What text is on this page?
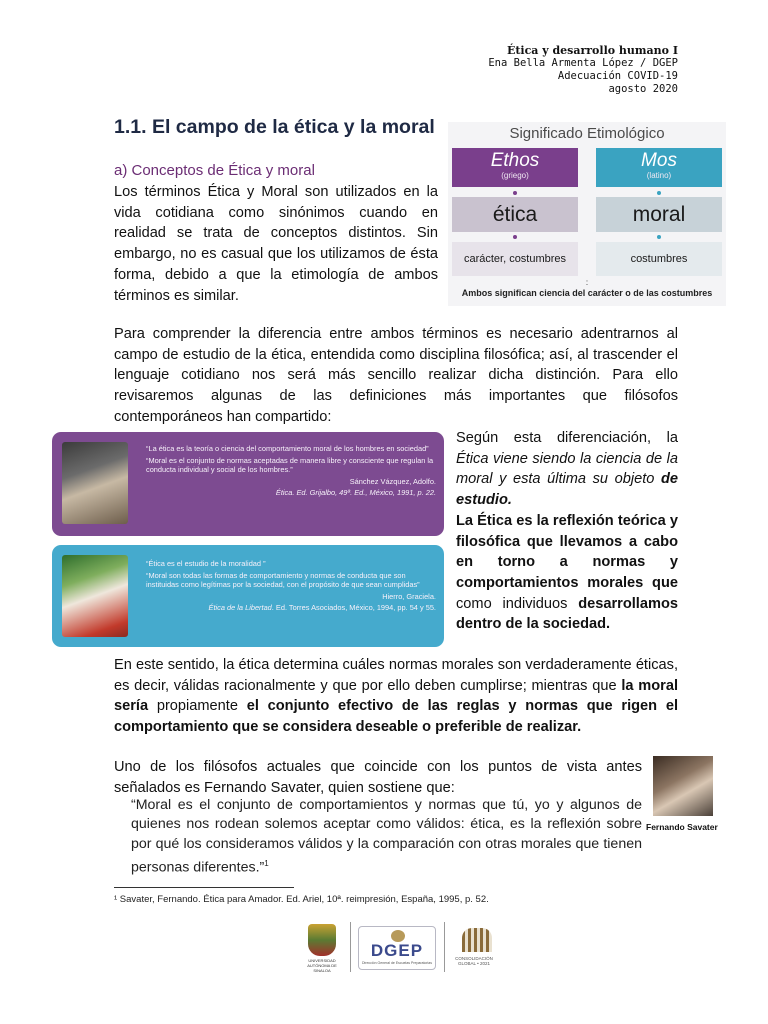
Ética y desarrollo humano I
Ena Bella Armenta López / DGEP
Adecuación COVID-19
agosto 2020
1.1. El campo de la ética y la moral
a) Conceptos de Ética y moral
Los términos Ética y Moral son utilizados en la vida cotidiana como sinónimos cuando en realidad se trata de conceptos distintos. Sin embargo, no es casual que los utilizamos de ésta forma, debido a que la etimología de ambos términos es similar.
Significado Etimológico
Ethos
(griego)
Mos
(latino)
ética	moral
carácter, costumbres	costumbres
:
Ambos significan ciencia del carácter o de las costumbres
Para comprender la diferencia entre ambos términos es necesario adentrarnos al campo de estudio de la ética, entendida como disciplina filosófica; así, al trascender el lenguaje cotidiano nos será más sencillo realizar dicha distinción. Para ello revisaremos algunas de las definiciones más importantes que filósofos contemporáneos han compartido:

“La ética es la teoría o ciencia del comportamiento moral de los hombres en sociedad”

“Moral es el conjunto de normas aceptadas de manera libre y consciente que regulan la conducta individual y social de los hombres.”

Sánchez Vázquez, Adolfo.

Ética. Ed. Grijalbo, 49ª. Ed., México, 1991, p. 22.

“Ética es el estudio de la moralidad ”

“Moral son todas las formas de comportamiento y normas de conducta que son instituidas como legítimas por la sociedad, con el propósito de que sean cumplidas”

Hierro, Graciela.

Ética de la Libertad. Ed. Torres Asociados, México, 1994, pp. 54 y 55.

Según esta diferenciación, la Ética viene siendo la ciencia de la moral y esta última su objeto de estudio.
La Ética es la reflexión teórica y filosófica que llevamos a cabo en torno a normas y comportamientos morales que como individuos desarrollamos dentro de la sociedad.
En este sentido, la ética determina cuáles normas morales son verdaderamente éticas, es decir, válidas racionalmente y que por ello deben cumplirse; mientras que la moral sería propiamente el conjunto efectivo de las reglas y normas que rigen el comportamiento que se considera deseable o preferible de realizar.
Uno de los filósofos actuales que coincide con los puntos de vista antes señalados es Fernando Savater, quien sostiene que:
“Moral es el conjunto de comportamientos y normas que tú, yo y algunos de quienes nos rodean solemos aceptar como válidos: ética, es la reflexión sobre por qué los consideramos válidos y la comparación con otras morales que tienen personas diferentes.”$^1$
Fernando Savater
¹ Savater, Fernando. Ética para Amador. Ed. Ariel, 10ª. reimpresión, España, 1995, p. 52.
UNIVERSIDAD AUTÓNOMA DE SINALOA
DGEP
Dirección General de Escuelas Preparatorias
CONSOLIDACIÓN GLOBAL • 2021
